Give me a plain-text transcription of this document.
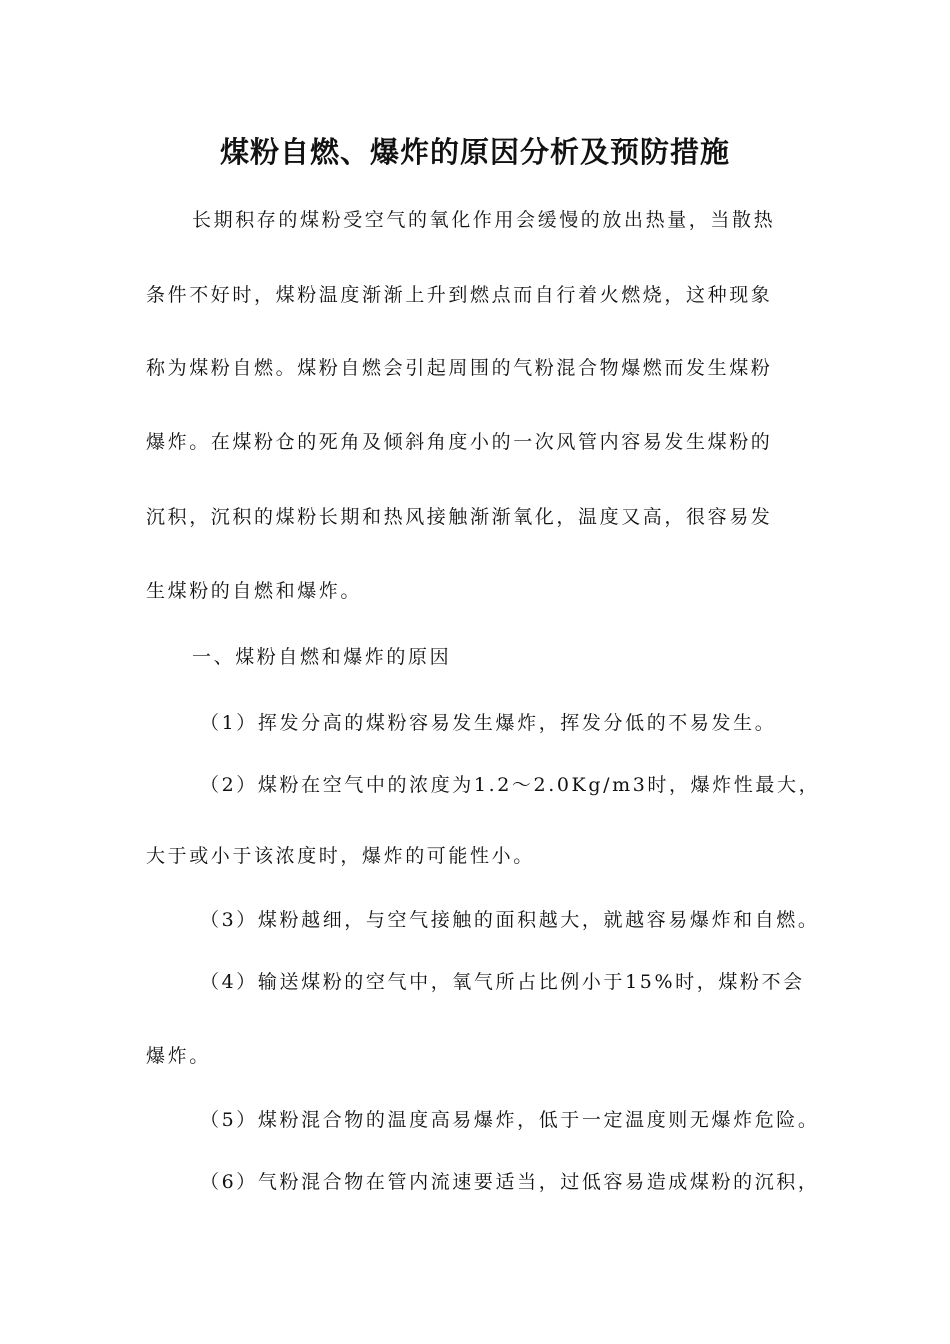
煤粉自燃、爆炸的原因分析及预防措施
长期积存的煤粉受空气的氧化作用会缓慢的放出热量，当散热
条件不好时，煤粉温度渐渐上升到燃点而自行着火燃烧，这种现象
称为煤粉自燃。煤粉自燃会引起周围的气粉混合物爆燃而发生煤粉
爆炸。在煤粉仓的死角及倾斜角度小的一次风管内容易发生煤粉的
沉积，沉积的煤粉长期和热风接触渐渐氧化，温度又高，很容易发
生煤粉的自燃和爆炸。
一、煤粉自燃和爆炸的原因
（1）挥发分高的煤粉容易发生爆炸，挥发分低的不易发生。
（2）煤粉在空气中的浓度为1.2～2.0Kg/m3时，爆炸性最大，
大于或小于该浓度时，爆炸的可能性小。
（3）煤粉越细，与空气接触的面积越大，就越容易爆炸和自燃。
（4）输送煤粉的空气中，氧气所占比例小于15%时，煤粉不会
爆炸。
（5）煤粉混合物的温度高易爆炸，低于一定温度则无爆炸危险。
（6）气粉混合物在管内流速要适当，过低容易造成煤粉的沉积，
